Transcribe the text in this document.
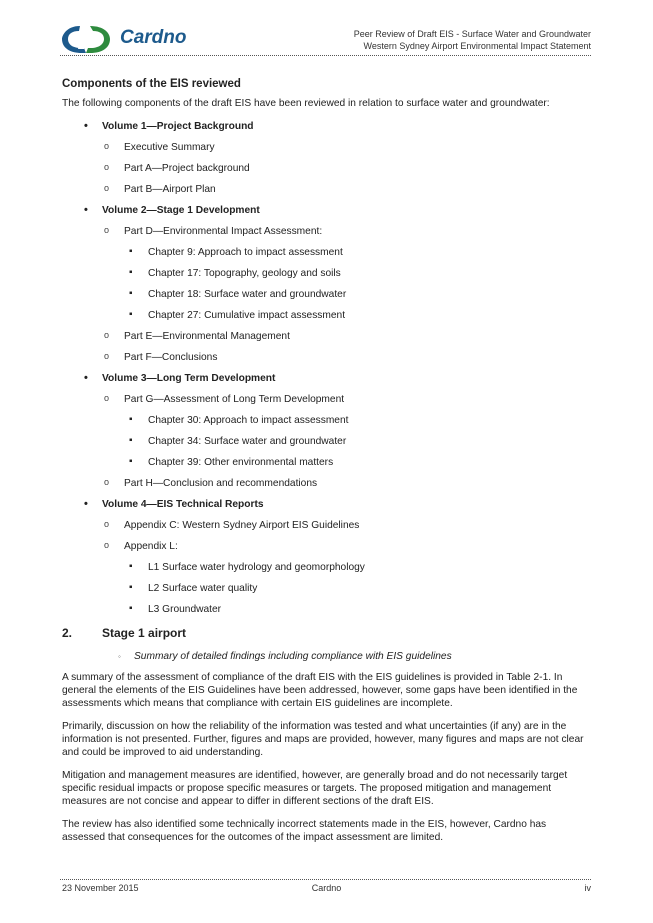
Cardno	Peer Review of Draft EIS - Surface Water and Groundwater
Western Sydney Airport Environmental Impact Statement
Components of the EIS reviewed

The following components of the draft EIS have been reviewed in relation to surface water and groundwater:

• Volume 1—Project Background
o Executive Summary
o Part A—Project background
o Part B—Airport Plan
• Volume 2—Stage 1 Development
o Part D—Environmental Impact Assessment:
▪ Chapter 9: Approach to impact assessment
▪ Chapter 17: Topography, geology and soils
▪ Chapter 18: Surface water and groundwater
▪ Chapter 27: Cumulative impact assessment
o Part E—Environmental Management
o Part F—Conclusions
• Volume 3—Long Term Development
o Part G—Assessment of Long Term Development
▪ Chapter 30: Approach to impact assessment
▪ Chapter 34: Surface water and groundwater
▪ Chapter 39: Other environmental matters
o Part H—Conclusion and recommendations
• Volume 4—EIS Technical Reports
o Appendix C: Western Sydney Airport EIS Guidelines
o Appendix L:
▪ L1 Surface water hydrology and geomorphology
▪ L2 Surface water quality
▪ L3 Groundwater
2. Stage 1 airport
◦ Summary of detailed findings including compliance with EIS guidelines

A summary of the assessment of compliance of the draft EIS with the EIS guidelines is provided in Table 2-1. In general the elements of the EIS Guidelines have been addressed, however, some gaps have been identified in the assessments which means that compliance with certain EIS guidelines are incomplete.

Primarily, discussion on how the reliability of the information was tested and what uncertainties (if any) are in the information is not presented. Further, figures and maps are provided, however, many figures and maps are not clear and could be improved to aid understanding.

Mitigation and management measures are identified, however, are generally broad and do not necessarily target specific residual impacts or propose specific measures or targets. The proposed mitigation and management measures are not concise and appear to differ in different sections of the draft EIS.

The review has also identified some technically incorrect statements made in the EIS, however, Cardno has assessed that consequences for the outcomes of the impact assessment are limited.

23 November 2015	Cardno	iv
